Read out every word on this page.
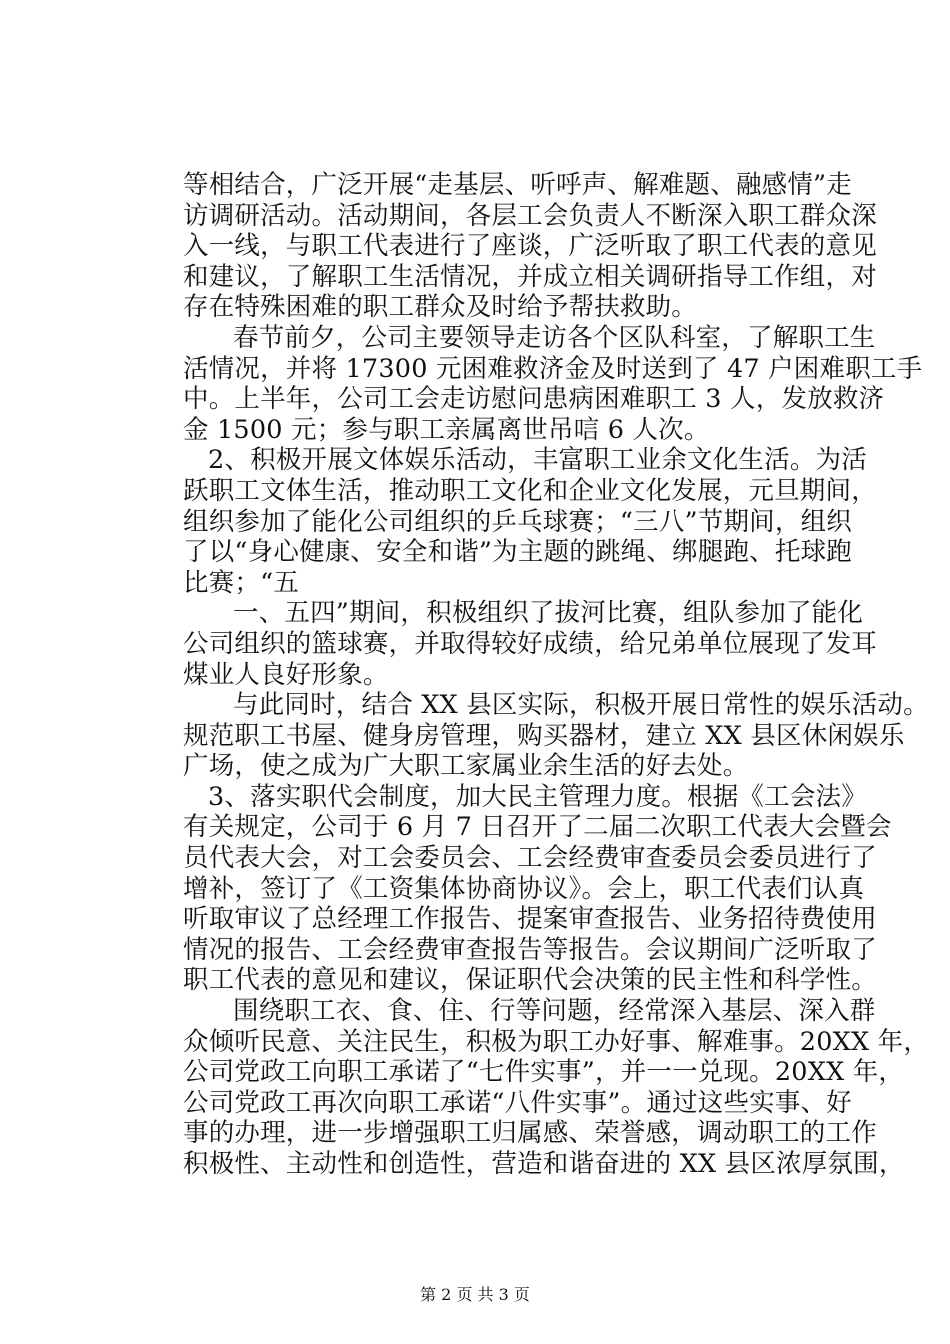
等相结合，广泛开展“走基层、听呼声、解难题、融感情”走
访调研活动。活动期间，各层工会负责人不断深入职工群众深
入一线，与职工代表进行了座谈，广泛听取了职工代表的意见
和建议，了解职工生活情况，并成立相关调研指导工作组，对
存在特殊困难的职工群众及时给予帮扶救助。
春节前夕，公司主要领导走访各个区队科室，了解职工生
活情况，并将 17300 元困难救济金及时送到了 47 户困难职工手
中。上半年，公司工会走访慰问患病困难职工 3 人，发放救济
金 1500 元；参与职工亲属离世吊唁 6 人次。
2、积极开展文体娱乐活动，丰富职工业余文化生活。为活
跃职工文体生活，推动职工文化和企业文化发展，元旦期间，
组织参加了能化公司组织的乒乓球赛；“三八”节期间，组织
了以“身心健康、安全和谐”为主题的跳绳、绑腿跑、托球跑
比赛；“五
一、五四”期间，积极组织了拔河比赛，组队参加了能化
公司组织的篮球赛，并取得较好成绩，给兄弟单位展现了发耳
煤业人良好形象。
与此同时，结合 XX 县区实际，积极开展日常性的娱乐活动。
规范职工书屋、健身房管理，购买器材，建立 XX 县区休闲娱乐
广场，使之成为广大职工家属业余生活的好去处。
3、落实职代会制度，加大民主管理力度。根据《工会法》
有关规定，公司于 6 月 7 日召开了二届二次职工代表大会暨会
员代表大会，对工会委员会、工会经费审查委员会委员进行了
增补，签订了《工资集体协商协议》。会上，职工代表们认真
听取审议了总经理工作报告、提案审查报告、业务招待费使用
情况的报告、工会经费审查报告等报告。会议期间广泛听取了
职工代表的意见和建议，保证职代会决策的民主性和科学性。
围绕职工衣、食、住、行等问题，经常深入基层、深入群
众倾听民意、关注民生，积极为职工办好事、解难事。20XX 年，
公司党政工向职工承诺了“七件实事”，并一一兑现。20XX 年，
公司党政工再次向职工承诺“八件实事”。通过这些实事、好
事的办理，进一步增强职工归属感、荣誉感，调动职工的工作
积极性、主动性和创造性，营造和谐奋进的 XX 县区浓厚氛围，
第 2 页 共 3 页
